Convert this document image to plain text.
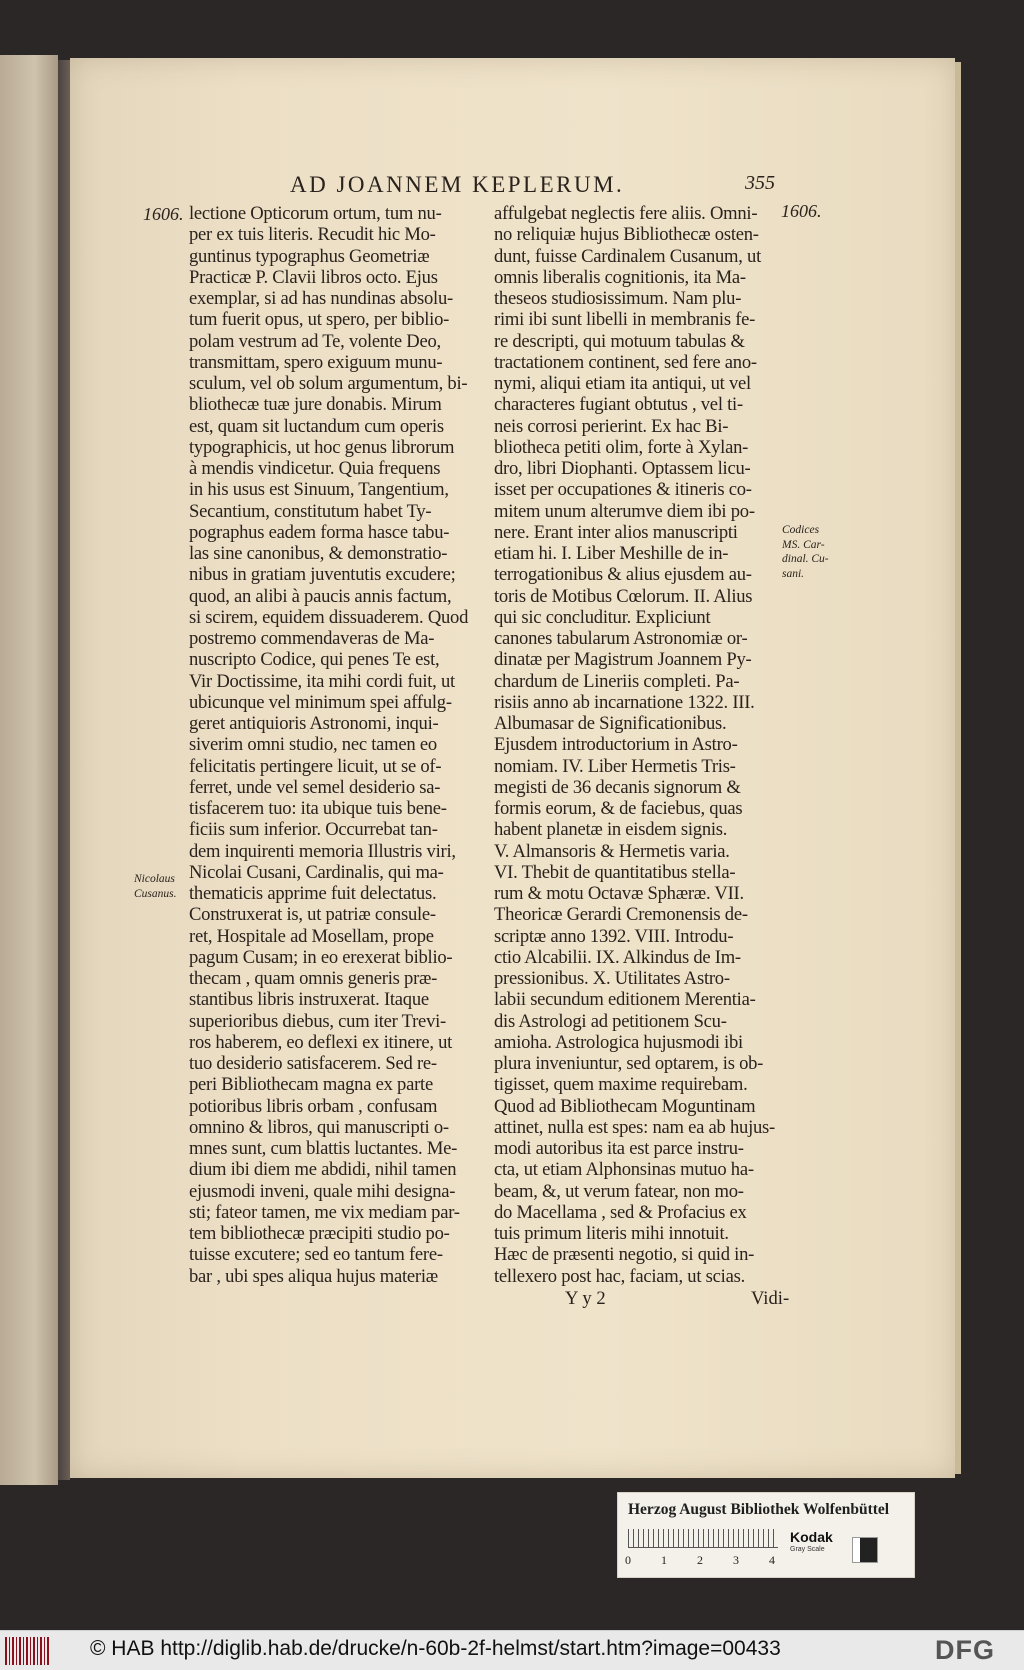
AD JOANNEM KEPLERUM.	355
1606.	1606.
lectione Opticorum ortum, tum nu-
per ex tuis literis. Recudit hic Mo-
guntinus typographus Geometriæ
Practicæ P. Clavii libros octo. Ejus
exemplar, si ad has nundinas absolu-
tum fuerit opus, ut spero, per biblio-
polam vestrum ad Te, volente Deo,
transmittam, spero exiguum munu-
sculum, vel ob solum argumentum, bi-
bliothecæ tuæ jure donabis. Mirum
est, quam sit luctandum cum operis
typographicis, ut hoc genus librorum
à mendis vindicetur. Quia frequens
in his usus est Sinuum, Tangentium,
Secantium, constitutum habet Ty-
pographus eadem forma hasce tabu-
las sine canonibus, & demonstratio-
nibus in gratiam juventutis excudere;
quod, an alibi à paucis annis factum,
si scirem, equidem dissuaderem. Quod
postremo commendaveras de Ma-
nuscripto Codice, qui penes Te est,
Vir Doctissime, ita mihi cordi fuit, ut
ubicunque vel minimum spei affulg-
geret antiquioris Astronomi, inqui-
siverim omni studio, nec tamen eo
felicitatis pertingere licuit, ut se of-
ferret, unde vel semel desiderio sa-
tisfacerem tuo: ita ubique tuis bene-
ficiis sum inferior. Occurrebat tan-
dem inquirenti memoria Illustris viri,
Nicolai Cusani, Cardinalis, qui ma-
thematicis apprime fuit delectatus.
Construxerat is, ut patriæ consule-
ret, Hospitale ad Mosellam, prope
pagum Cusam; in eo erexerat biblio-
thecam , quam omnis generis præ-
stantibus libris instruxerat. Itaque
superioribus diebus, cum iter Trevi-
ros haberem, eo deflexi ex itinere, ut
tuo desiderio satisfacerem. Sed re-
peri Bibliothecam magna ex parte
potioribus libris orbam , confusam
omnino & libros, qui manuscripti o-
mnes sunt, cum blattis luctantes. Me-
dium ibi diem me abdidi, nihil tamen
ejusmodi inveni, quale mihi designa-
sti; fateor tamen, me vix mediam par-
tem bibliothecæ præcipiti studio po-
tuisse excutere; sed eo tantum fere-
bar , ubi spes aliqua hujus materiæ
affulgebat neglectis fere aliis. Omni-
no reliquiæ hujus Bibliothecæ osten-
dunt, fuisse Cardinalem Cusanum, ut
omnis liberalis cognitionis, ita Ma-
theseos studiosissimum. Nam plu-
rimi ibi sunt libelli in membranis fe-
re descripti, qui motuum tabulas &
tractationem continent, sed fere ano-
nymi, aliqui etiam ita antiqui, ut vel
characteres fugiant obtutus , vel ti-
neis corrosi perierint. Ex hac Bi-
bliotheca petiti olim, forte à Xylan-
dro, libri Diophanti. Optassem licu-
isset per occupationes & itineris co-
mitem unum alterumve diem ibi po-
nere. Erant inter alios manuscripti
etiam hi. I. Liber Meshille de in-
terrogationibus & alius ejusdem au-
toris de Motibus Cœlorum. II. Alius
qui sic concluditur. Expliciunt
canones tabularum Astronomiæ or-
dinatæ per Magistrum Joannem Py-
chardum de Lineriis completi. Pa-
risiis anno ab incarnatione 1322. III.
Albumasar de Significationibus.
Ejusdem introductorium in Astro-
nomiam. IV. Liber Hermetis Tris-
megisti de 36 decanis signorum &
formis eorum, & de faciebus, quas
habent planetæ in eisdem signis.
V. Almansoris & Hermetis varia.
VI. Thebit de quantitatibus stella-
rum & motu Octavæ Sphæræ. VII.
Theoricæ Gerardi Cremonensis de-
scriptæ anno 1392. VIII. Introdu-
ctio Alcabilii. IX. Alkindus de Im-
pressionibus. X. Utilitates Astro-
labii secundum editionem Merentia-
dis Astrologi ad petitionem Scu-
amioha. Astrologica hujusmodi ibi
plura inveniuntur, sed optarem, is ob-
tigisset, quem maxime requirebam.
Quod ad Bibliothecam Moguntinam
attinet, nulla est spes: nam ea ab hujus-
modi autoribus ita est parce instru-
cta, ut etiam Alphonsinas mutuo ha-
beam, &, ut verum fatear, non mo-
do Macellama , sed & Profacius ex
tuis primum literis mihi innotuit.
Hæc de præsenti negotio, si quid in-
tellexero post hac, faciam, ut scias.
Codices
MS. Car-
dinal. Cu-
sani.
Nicolaus
Cusanus.
Y y 2	Vidi-
Herzog August Bibliothek Wolfenbüttel
0	1	2	3	4
Kodak
Gray Scale
© HAB http://diglib.hab.de/drucke/n-60b-2f-helmst/start.htm?image=00433	DFG
